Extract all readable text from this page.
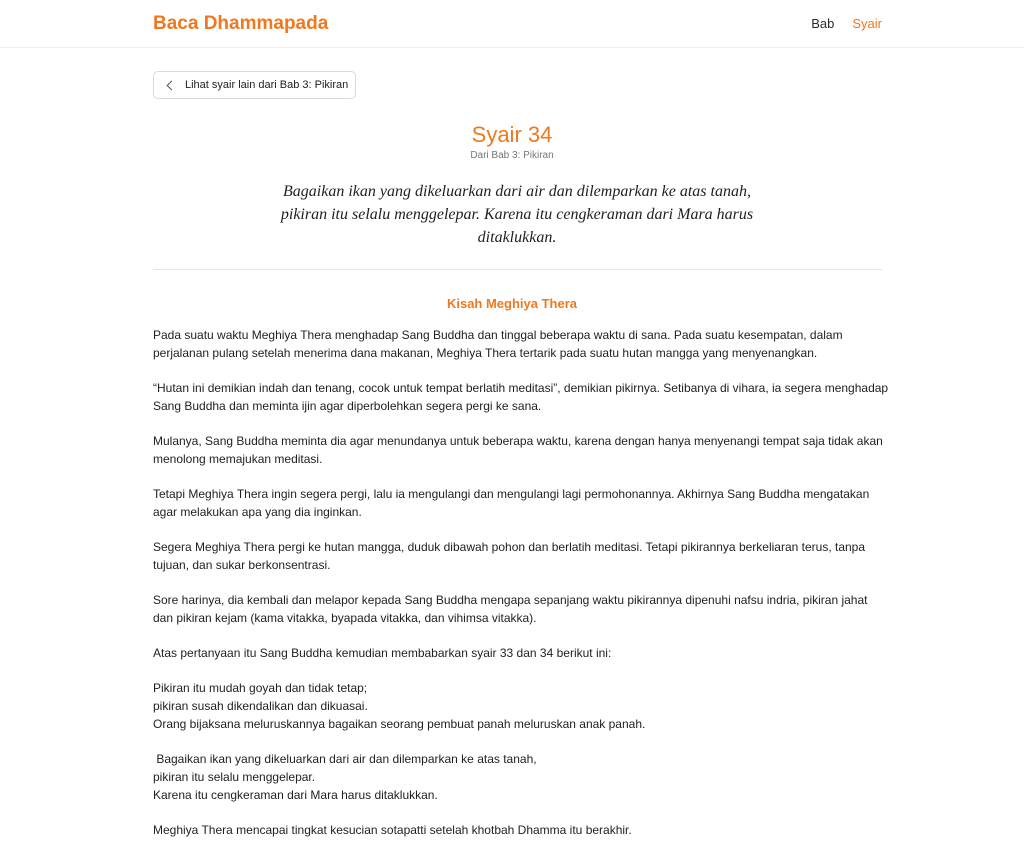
Baca Dhammapada	Bab Syair
Lihat syair lain dari Bab 3: Pikiran
Syair 34
Dari Bab 3: Pikiran
Bagaikan ikan yang dikeluarkan dari air dan dilemparkan ke atas tanah, pikiran itu selalu menggelepar. Karena itu cengkeraman dari Mara harus ditaklukkan.
Kisah Meghiya Thera

Pada suatu waktu Meghiya Thera menghadap Sang Buddha dan tinggal beberapa waktu di sana. Pada suatu kesempatan, dalam perjalanan pulang setelah menerima dana makanan, Meghiya Thera tertarik pada suatu hutan mangga yang menyenangkan.

“Hutan ini demikian indah dan tenang, cocok untuk tempat berlatih meditasi”, demikian pikirnya. Setibanya di vihara, ia segera menghadap Sang Buddha dan meminta ijin agar diperbolehkan segera pergi ke sana.

Mulanya, Sang Buddha meminta dia agar menundanya untuk beberapa waktu, karena dengan hanya menyenangi tempat saja tidak akan menolong memajukan meditasi.

Tetapi Meghiya Thera ingin segera pergi, lalu ia mengulangi dan mengulangi lagi permohonannya. Akhirnya Sang Buddha mengatakan agar melakukan apa yang dia inginkan.

Segera Meghiya Thera pergi ke hutan mangga, duduk dibawah pohon dan berlatih meditasi. Tetapi pikirannya berkeliaran terus, tanpa tujuan, dan sukar berkonsentrasi.

Sore harinya, dia kembali dan melapor kepada Sang Buddha mengapa sepanjang waktu pikirannya dipenuhi nafsu indria, pikiran jahat dan pikiran kejam (kama vitakka, byapada vitakka, dan vihimsa vitakka).

Atas pertanyaan itu Sang Buddha kemudian membabarkan syair 33 dan 34 berikut ini:

Pikiran itu mudah goyah dan tidak tetap;
pikiran susah dikendalikan dan dikuasai.
Orang bijaksana meluruskannya bagaikan seorang pembuat panah meluruskan anak panah.

Bagaikan ikan yang dikeluarkan dari air dan dilemparkan ke atas tanah,
pikiran itu selalu menggelepar.
Karena itu cengkeraman dari Mara harus ditaklukkan.

Meghiya Thera mencapai tingkat kesucian sotapatti setelah khotbah Dhamma itu berakhir.
